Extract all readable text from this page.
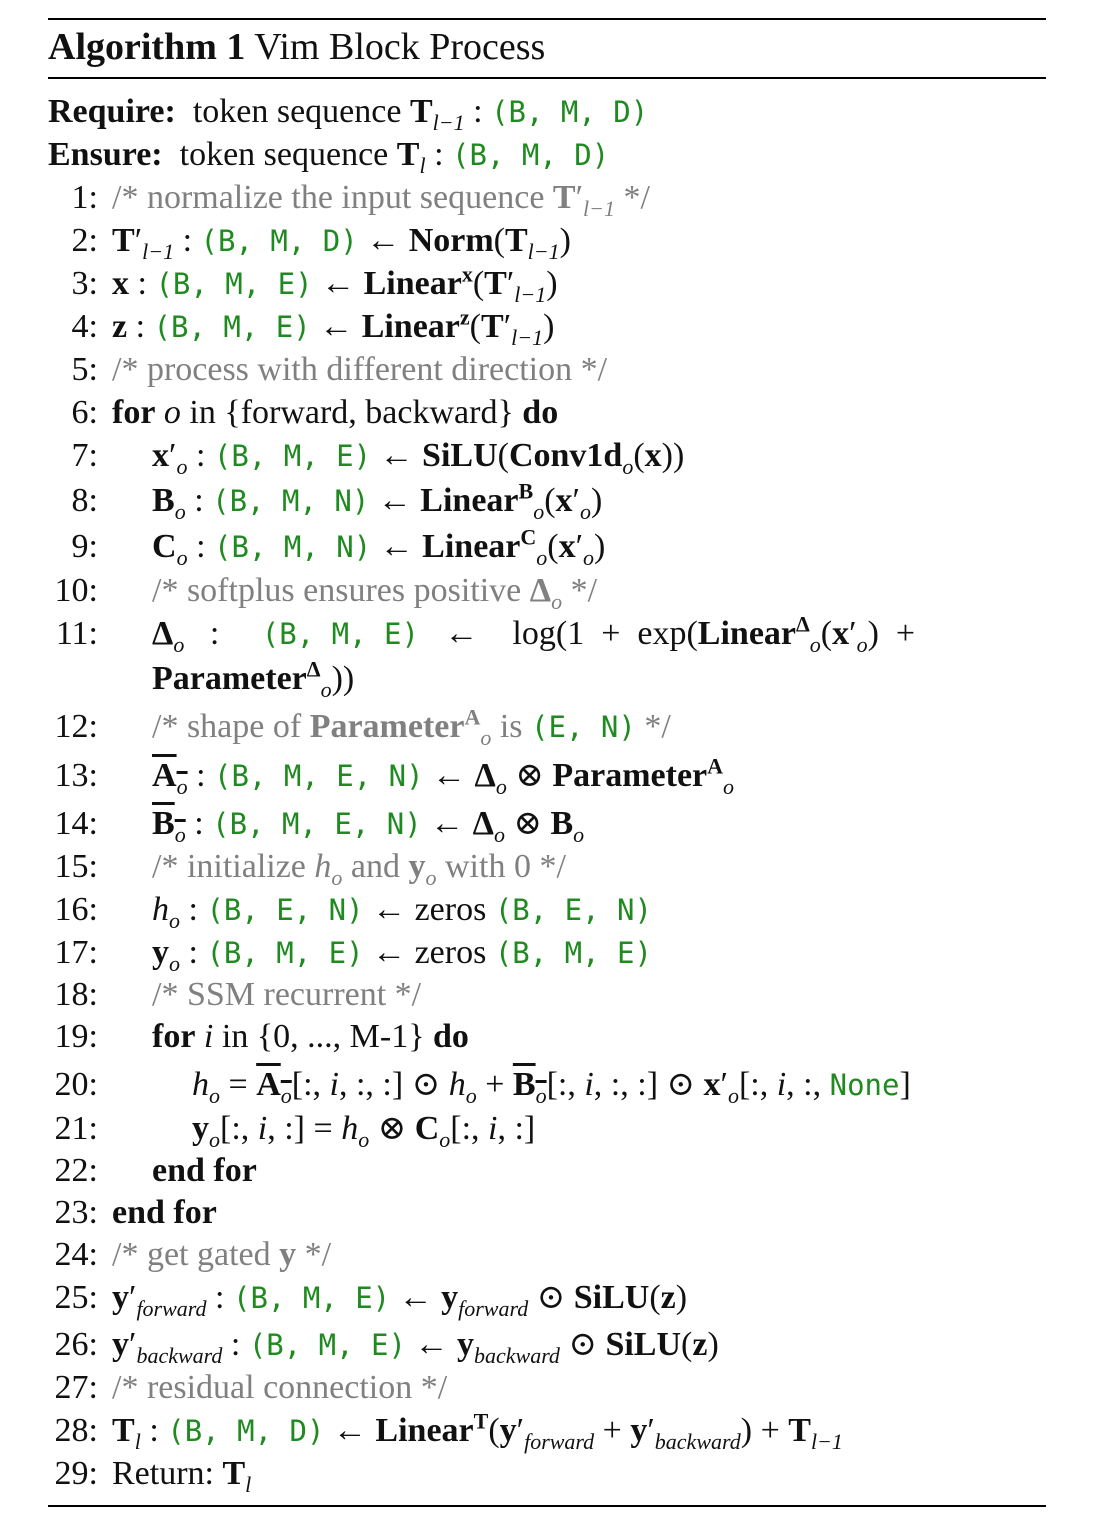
Algorithm 1 Vim Block Process
Require: token sequence $T_{l-1}$ : (B, M, D)
Ensure: token sequence $T_l$ : (B, M, D)
1: /* normalize the input sequence $T'_{l-1}$ */
2: $T'_{l-1}$ : (B, M, D) ← $Norm(T_{l-1})$
3: x : (B, M, E) ← $Linear^x(T'_{l-1})$
4: z : (B, M, E) ← $Linear^z(T'_{l-1})$
5: /* process with different direction */
6: for o in {forward, backward} do
7: $x'_o$ : (B, M, E) ← $SiLU(Conv1d_o(x))$
8: $B_o$ : (B, M, N) ← $Linear^B_o(x'_o)$
9: $C_o$ : (B, M, N) ← $Linear^C_o(x'_o)$
10: /* softplus ensures positive $\Delta_o$ */
11: $\Delta_o$   :     (B, M, E)   ←    $\log(1 + \exp(Linear^\Delta_o(x'_o)$  +
Parameter$^\Delta_o$))
12: /* shape of Parameter$^A_o$ is (E, N) */
13: $A_o$ : (B, M, E, N) ← $\Delta_o$ ⊗ Parameter$^A_o$
14: $B_o$ : (B, M, E, N) ← $\Delta_o$ ⊗ $B_o$
15: /* initialize $h_o$ and $y_o$ with 0 */
16: $h_o$ : (B, E, N) ← zeros (B, E, N)
17: $y_o$ : (B, M, E) ← zeros (B, M, E)
18: /* SSM recurrent */
19: for i in {0, ..., M-1} do
20:	$h_o = A_o$[:, i, :, :] ⊙ $h_o + B_o$[:, i, :, :] ⊙ $x'_o$[:, i, :, None]
21:	$y_o$[:, i, :] = $h_o$ ⊗ $C_o$[:, i, :]
22: end for
23: end for
24: /* get gated y */
25: $y'_{forward}$ : (B, M, E) ← $y_{forward}$ ⊙ SiLU(z)
26: $y'_{backward}$ : (B, M, E) ← $y_{backward}$ ⊙ SiLU(z)
27: /* residual connection */
28: $T_l$ : (B, M, D) ← $Linear^T(y'_{forward} + y'_{backward}) + T_{l-1}$
29: Return: $T_l$
